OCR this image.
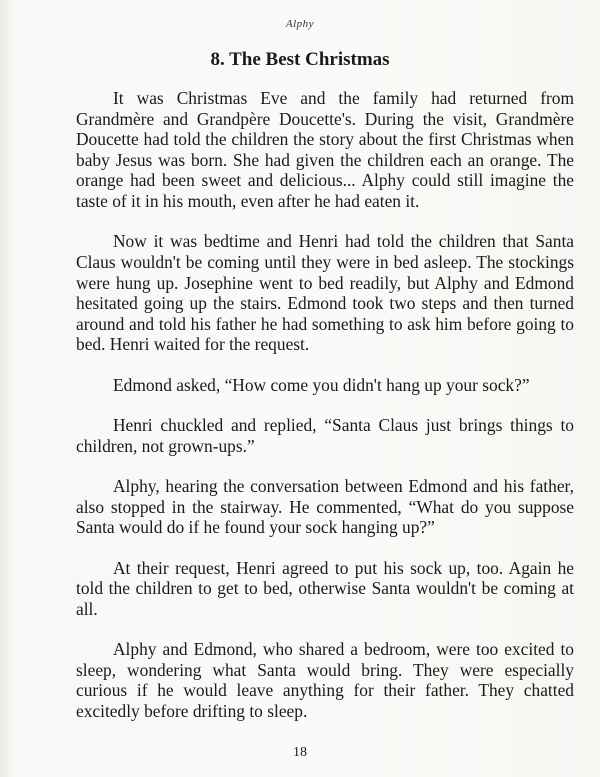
Alphy
8. The Best Christmas

It was Christmas Eve and the family had returned from Grandmère and Grandpère Doucette's. During the visit, Grandmère Doucette had told the children the story about the first Christmas when baby Jesus was born. She had given the children each an orange. The orange had been sweet and delicious... Alphy could still imagine the taste of it in his mouth, even after he had eaten it.

Now it was bedtime and Henri had told the children that Santa Claus wouldn't be coming until they were in bed asleep. The stockings were hung up. Josephine went to bed readily, but Alphy and Edmond hesitated going up the stairs. Edmond took two steps and then turned around and told his father he had something to ask him before going to bed. Henri waited for the request.

Edmond asked, “How come you didn't hang up your sock?”

Henri chuckled and replied, “Santa Claus just brings things to children, not grown-ups.”

Alphy, hearing the conversation between Edmond and his father, also stopped in the stairway. He commented, “What do you suppose Santa would do if he found your sock hanging up?”

At their request, Henri agreed to put his sock up, too. Again he told the children to get to bed, otherwise Santa wouldn't be coming at all.

Alphy and Edmond, who shared a bedroom, were too excited to sleep, wondering what Santa would bring. They were especially curious if he would leave anything for their father. They chatted excitedly before drifting to sleep.

18
